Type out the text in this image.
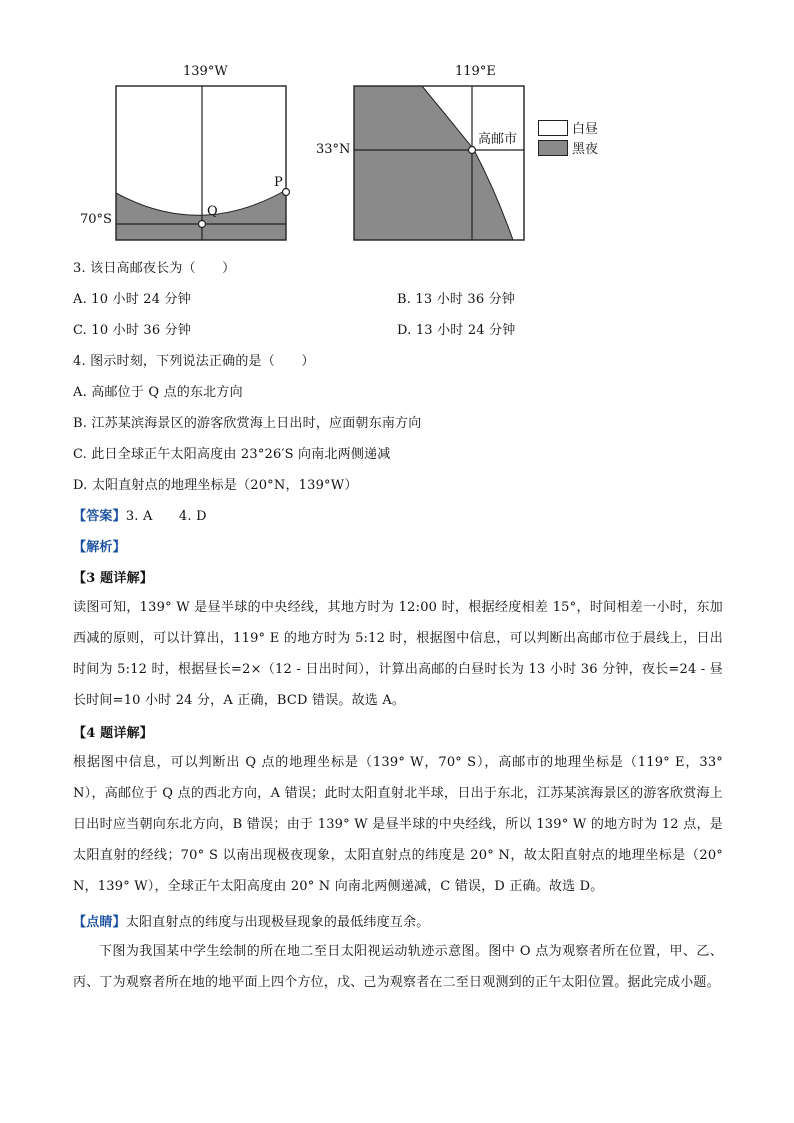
139°W
70°S
Q
P
119°E
33°N
高邮市
白昼
黑夜
3. 该日高邮夜长为（　　）
A. 10 小时 24 分钟	B. 13 小时 36 分钟
C. 10 小时 36 分钟	D. 13 小时 24 分钟
4. 图示时刻，下列说法正确的是（　　）
A. 高邮位于 Q 点的东北方向
B. 江苏某滨海景区的游客欣赏海上日出时，应面朝东南方向
C. 此日全球正午太阳高度由 23°26′S 向南北两侧递减
D. 太阳直射点的地理坐标是（20°N，139°W）
【答案】3. A　　4. D
【解析】
【3 题详解】
读图可知，139° W 是昼半球的中央经线，其地方时为 12:00 时，根据经度相差 15°，时间相差一小时，东加西减的原则，可以计算出，119° E 的地方时为 5:12 时，根据图中信息，可以判断出高邮市位于晨线上，日出时间为 5:12 时，根据昼长=2×（12 - 日出时间），计算出高邮的白昼时长为 13 小时 36 分钟，夜长=24 - 昼长时间=10 小时 24 分，A 正确，BCD 错误。故选 A。
【4 题详解】
根据图中信息，可以判断出 Q 点的地理坐标是（139° W，70° S），高邮市的地理坐标是（119° E，33° N），高邮位于 Q 点的西北方向，A 错误；此时太阳直射北半球，日出于东北，江苏某滨海景区的游客欣赏海上日出时应当朝向东北方向，B 错误；由于 139° W 是昼半球的中央经线，所以 139° W 的地方时为 12 点，是太阳直射的经线；70° S 以南出现极夜现象，太阳直射点的纬度是 20° N，故太阳直射点的地理坐标是（20° N，139° W），全球正午太阳高度由 20° N 向南北两侧递减，C 错误，D 正确。故选 D。
【点睛】太阳直射点的纬度与出现极昼现象的最低纬度互余。
下图为我国某中学生绘制的所在地二至日太阳视运动轨迹示意图。图中 O 点为观察者所在位置，甲、乙、丙、丁为观察者所在地的地平面上四个方位，戊、己为观察者在二至日观测到的正午太阳位置。据此完成小题。
